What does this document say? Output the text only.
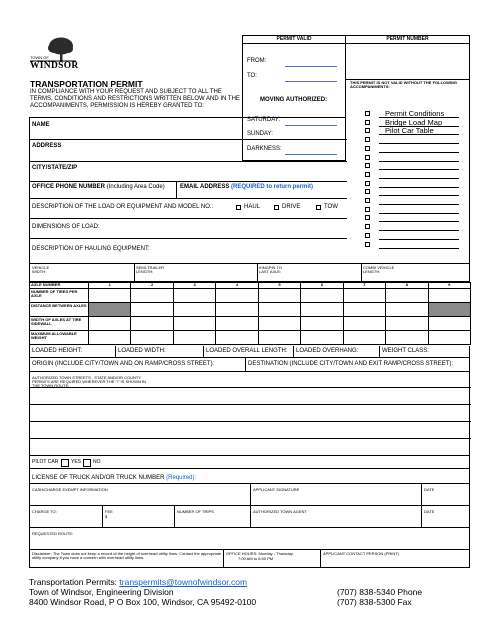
TOWN OF
WINDSOR
TRANSPORTATION PERMIT
IN COMPLIANCE WITH YOUR REQUEST AND SUBJECT TO ALL THE TERMS, CONDITIONS AND RESTRICTIONS WRITTEN BELOW AND IN THE ACCOMPANIMENTS, PERMISSION IS HEREBY GRANTED TO:
PERMIT VALID
FROM:
TO:
MOVING AUTHORIZED:
SATURDAY:
SUNDAY:
DARKNESS:
PERMIT NUMBER
THIS PERMIT IS NOT VALID WITHOUT THE FOLLOWING ACCOMPANIMENTS:
Permit Conditions
Bridge Load Map
Pilot Car Table
NAME
ADDRESS
CITY/STATE/ZIP
OFFICE PHONE NUMBER (Including Area Code)	EMAIL ADDRESS (REQUIRED to return permit)
DESCRIPTION OF THE LOAD OR EQUIPMENT AND MODEL NO.:	HAUL	DRIVE	TOW
DIMENSIONS OF LOAD:
DESCRIPTION OF HAULING EQUIPMENT:
VEHICLE
WIDTH:
SEMI-TRAILER
LENGTH:
KINGPIN TO
LAST AXLE:
COMBI VEHICLE
LENGTH:
AXLE NUMBER	1	2	3	4	5	6	7	8	9
NUMBER OF TIRES PER AXLE
DISTANCE BETWEEN AXLES
WIDTH OF AXLES AT TIRE SIDEWALL
MAXIMUM ALLOWABLE WEIGHT
LOADED HEIGHT:	LOADED WIDTH:	LOADED OVERALL LENGTH: LOADED OVERHANG:	WEIGHT CLASS:
ORIGIN (INCLUDE CITY/TOWN AND ON RAMP/CROSS STREET):	DESTINATION (INCLUDE CITY/TOWN AND EXIT RAMP/CROSS STREET):
AUTHORIZED TOWN STREETS - STATE AND/OR COUNTY PERMITS ARE REQUIRED WHEREVER THE "/" IS SHOWN IN THE TOWN ROUTE.
PILOT CAR	YES NO
LICENSE OF TRUCK AND/OR TRUCK NUMBER (Required):
CASH/CHARGE EXEMPT INFORMATION	APPLICANT SIGNATURE	DATE
CHARGE TO:	FEE
$
NUMBER OF TRIPS	AUTHORIZED TOWN AGENT	DATE
REQUESTED ROUTE:
Disclaimer: The Town does not keep a record of the height of overhead utility lines. Contact the appropriate utility company if you have a concern with overhead utility lines.
OFFICE HOURS: Monday - Thursday
7:00 AM to 6:00 PM
APPLICANT CONTACT PERSON (PRINT)
Transportation Permits: transpermits@townofwindsor.com
Town of Windsor, Engineering Division
8400 Windsor Road, P O Box 100, Windsor, CA 95492-0100
(707) 838-5340 Phone
(707) 838-5300 Fax
